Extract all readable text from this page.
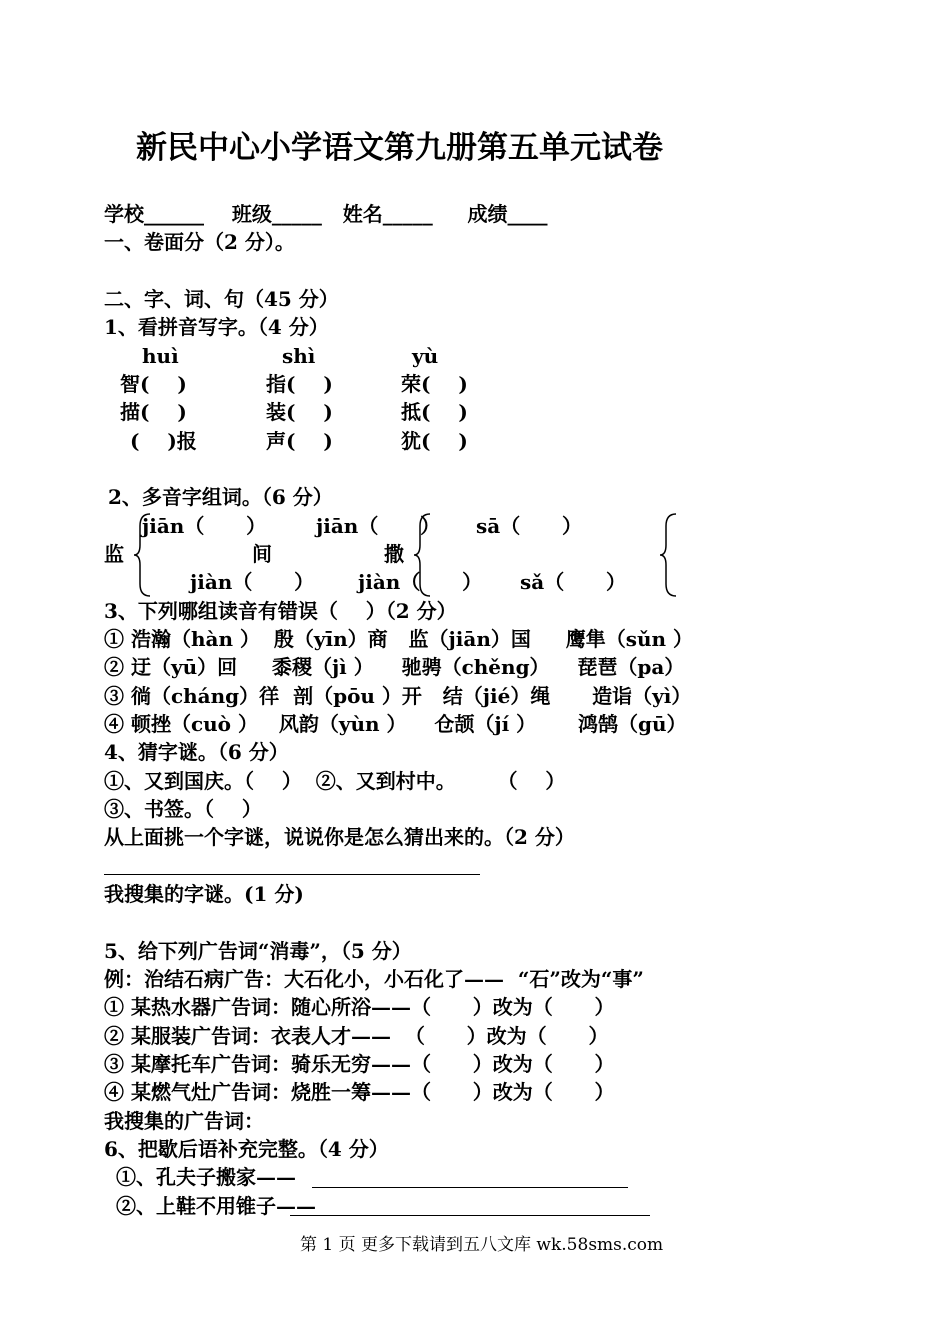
新民中心小学语文第九册第五单元试卷
学校______    班级_____   姓名_____     成绩____
一、卷面分（2 分）。
二、字、词、句（45 分）
1、看拼音写字。（4 分）
huì	shì	yù
智(    )	指(    )	荣(    )
描(    )	装(    )	抵(    )
(    )报	声(    )	犹(    )
2、多音字组词。（6 分）
jiān（      ） jiān（      ） sā（      ）
监	间	撒
jiàn（      ） jiàn（      ） sǎ（      ）
3、下列哪组读音有错误（    ）（2 分）
① 浩瀚（hàn ）  殷（yīn）商   监（jiān）国     鹰隼（sǔn ）
② 迂（yū）回     黍稷（jì ）    驰骋（chěng）    琵琶（pa）
③ 徜（cháng）徉  剖（pōu ）开   结（jié）绳      造诣（yì）
④ 顿挫（cuò ）   风韵（yùn ）    仓颉（jí ）      鸿鹄（gū）
4、猜字谜。（6 分）
①、又到国庆。（    ）  ②、又到村中。      （    ）
③、书签。（    ）
从上面挑一个字谜，说说你是怎么猜出来的。（2 分）
我搜集的字谜。(1 分)
5、给下列广告词“消毒”，（5 分）
例：治结石病广告：大石化小，小石化了——  “石”改为“事”
① 某热水器广告词：随心所浴——（      ）改为（      ）
② 某服装广告词：衣表人才——  （      ）改为（      ）
③ 某摩托车广告词：骑乐无穷——（      ）改为（      ）
④ 某燃气灶广告词：烧胜一筹——（      ）改为（      ）
我搜集的广告词：
6、把歇后语补充完整。（4 分）
①、孔夫子搬家——
②、上鞋不用锥子——
第 1 页 更多下载请到五八文库 wk.58sms.com
